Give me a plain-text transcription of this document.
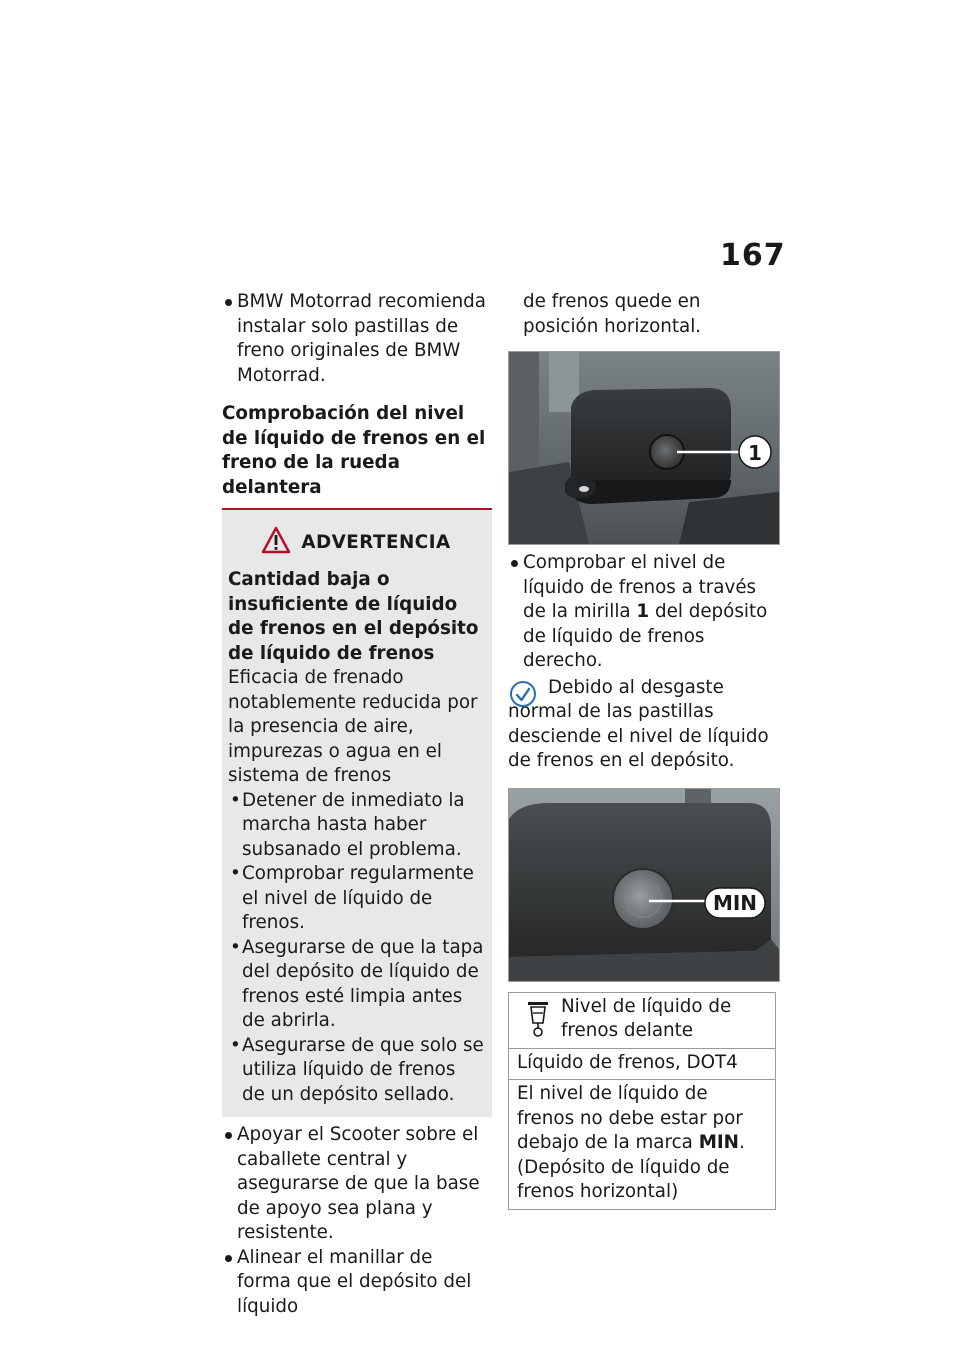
167
BMW Motorrad recomienda instalar solo pastillas de freno originales de BMW Motorrad.
Comprobación del nivel de líquido de frenos en el freno de la rueda delantera
ADVERTENCIA

Cantidad baja o insuficiente de líquido de frenos en el depósito de líquido de frenos

Eficacia de frenado notablemente reducida por la presencia de aire, impurezas o agua en el sistema de frenos

• Detener de inmediato la marcha hasta haber subsanado el problema.
• Comprobar regularmente el nivel de líquido de frenos.
• Asegurarse de que la tapa del depósito de líquido de frenos esté limpia antes de abrirla.
• Asegurarse de que solo se utiliza líquido de frenos de un depósito sellado.
Apoyar el Scooter sobre el caballete central y asegurarse de que la base de apoyo sea plana y resistente.
Alinear el manillar de forma que el depósito del líquido

de frenos quede en posición horizontal.

1
Comprobar el nivel de líquido de frenos a través de la mirilla 1 del depósito de líquido de frenos derecho.

Debido al desgaste normal de las pastillas desciende el nivel de líquido de frenos en el depósito.

MIN
Nivel de líquido de frenos delante

Líquido de frenos, DOT4
El nivel de líquido de frenos no debe estar por debajo de la marca MIN. (Depósito de líquido de frenos horizontal)
